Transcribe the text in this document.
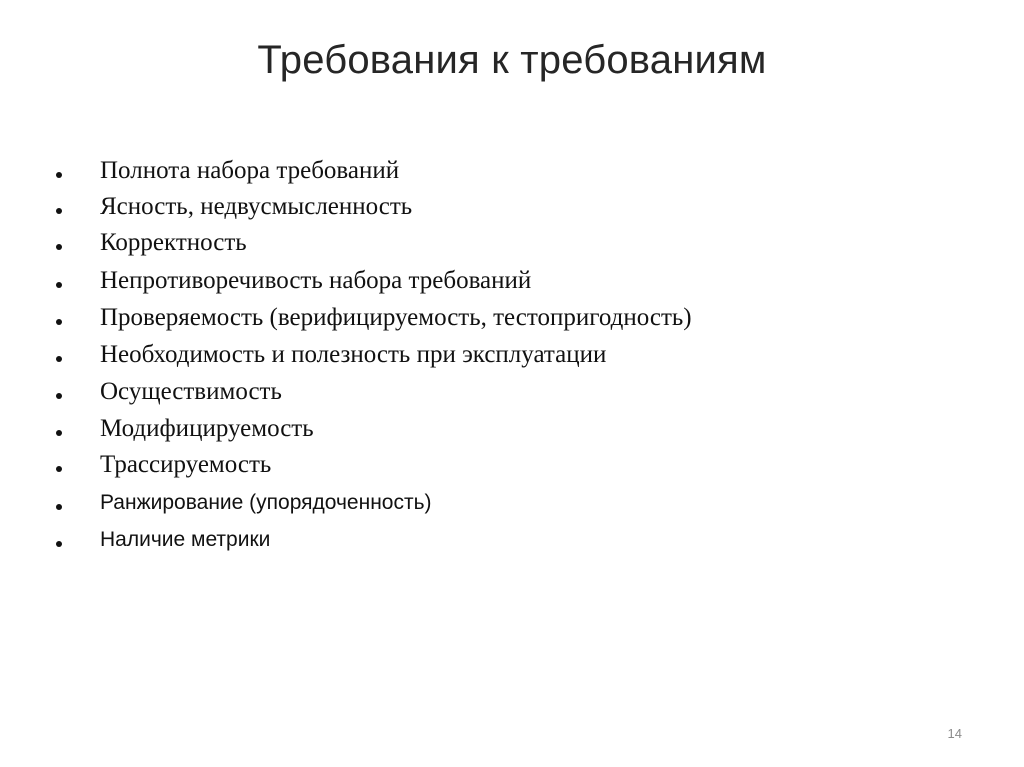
Требования к требованиям
Полнота набора требований
Ясность, недвусмысленность
Корректность
Непротиворечивость набора требований
Проверяемость (верифицируемость, тестопригодность)
Необходимость и полезность при эксплуатации
Осуществимость
Модифицируемость
Трассируемость
Ранжирование (упорядоченность)
Наличие метрики
14
